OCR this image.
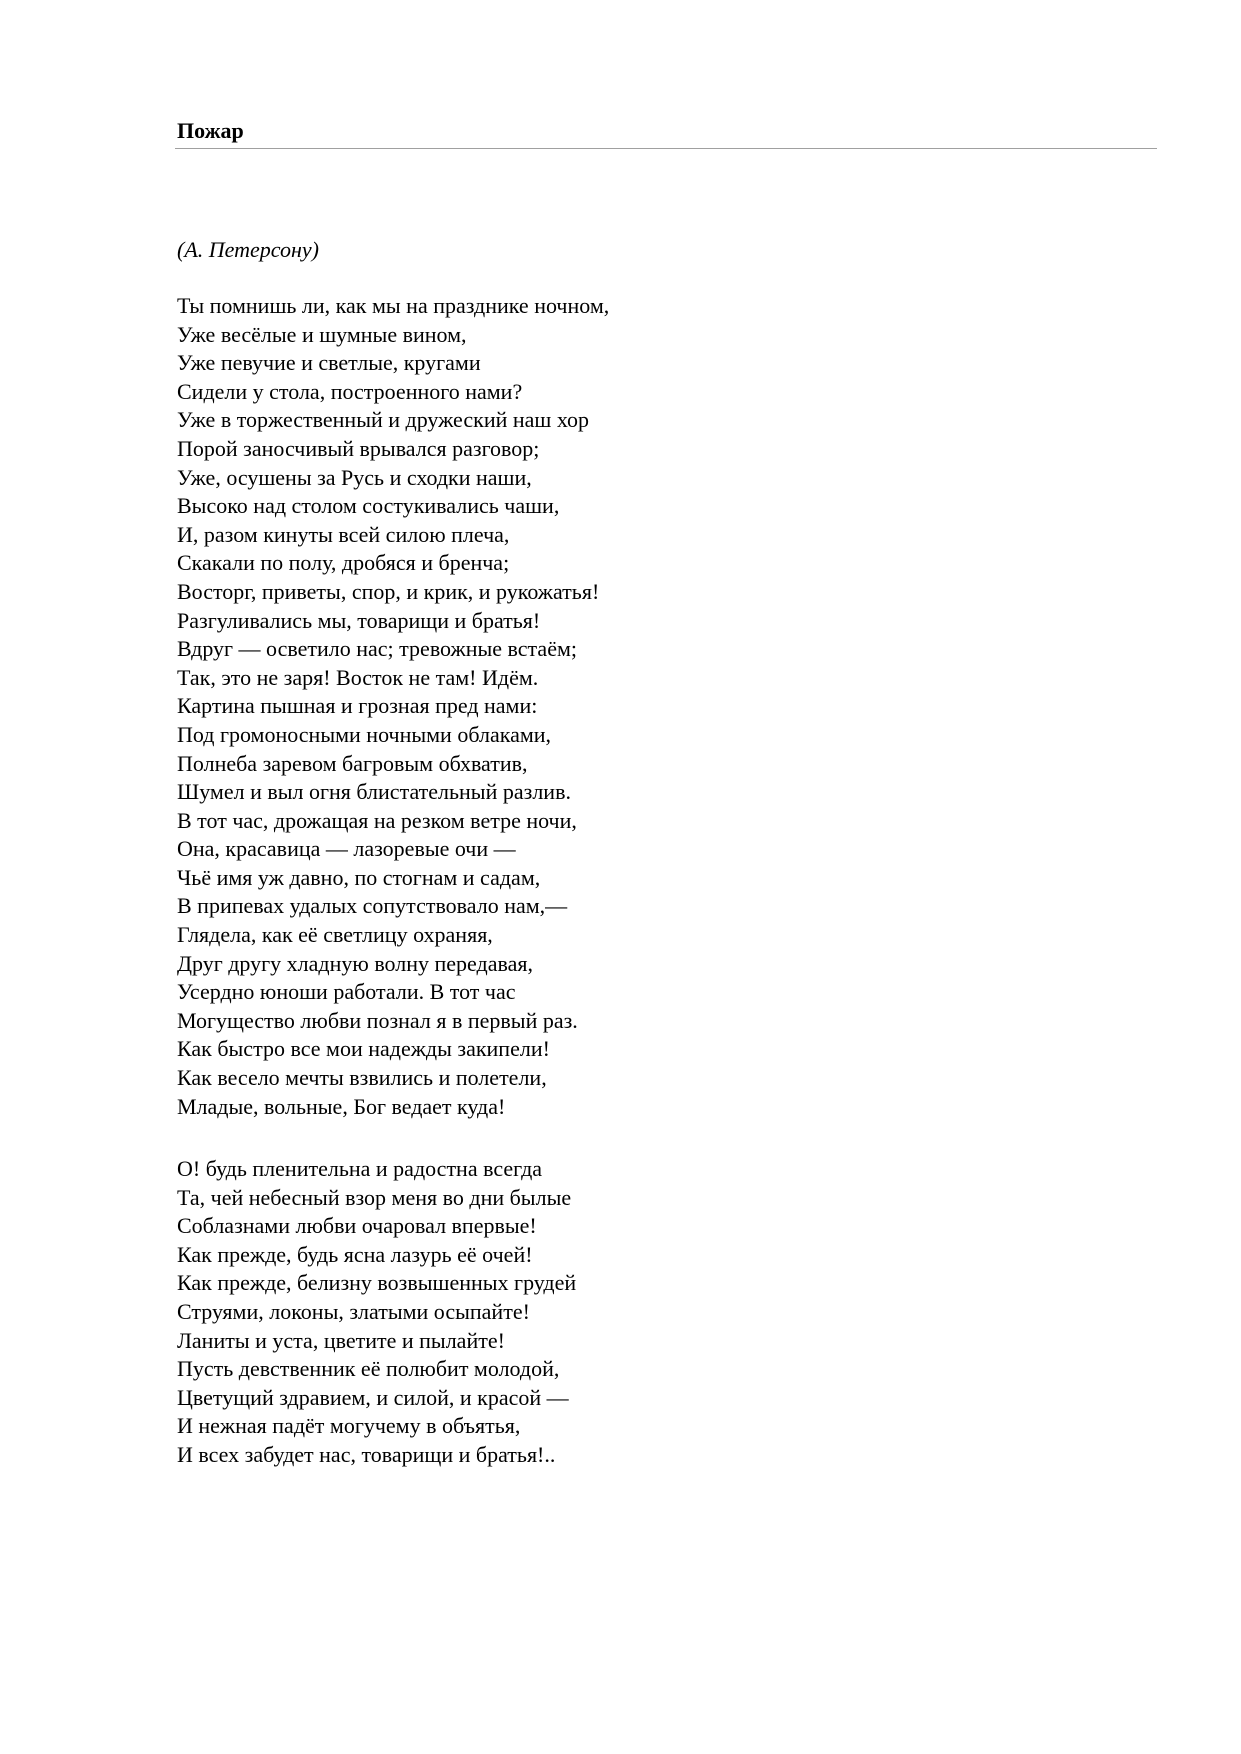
Пожар

(А. Петерсону)

Ты помнишь ли, как мы на празднике ночном,
Уже весёлые и шумные вином,
Уже певучие и светлые, кругами
Сидели у стола, построенного нами?
Уже в торжественный и дружеский наш хор
Порой заносчивый врывался разговор;
Уже, осушены за Русь и сходки наши,
Высоко над столом состукивались чаши,
И, разом кинуты всей силою плеча,
Скакали по полу, дробяся и бренча;
Восторг, приветы, спор, и крик, и рукожатья!
Разгуливались мы, товарищи и братья!
Вдруг — осветило нас; тревожные встаём;
Так, это не заря! Восток не там! Идём.
Картина пышная и грозная пред нами:
Под громоносными ночными облаками,
Полнеба заревом багровым обхватив,
Шумел и выл огня блистательный разлив.
В тот час, дрожащая на резком ветре ночи,
Она, красавица — лазоревые очи —
Чьё имя уж давно, по стогнам и садам,
В припевах удалых сопутствовало нам,—
Глядела, как её светлицу охраняя,
Друг другу хладную волну передавая,
Усердно юноши работали. В тот час
Могущество любви познал я в первый раз.
Как быстро все мои надежды закипели!
Как весело мечты взвились и полетели,
Младые, вольные, Бог ведает куда!
О! будь пленительна и радостна всегда
Та, чей небесный взор меня во дни былые
Соблазнами любви очаровал впервые!
Как прежде, будь ясна лазурь её очей!
Как прежде, белизну возвышенных грудей
Струями, локоны, златыми осыпайте!
Ланиты и уста, цветите и пылайте!
Пусть девственник её полюбит молодой,
Цветущий здравием, и силой, и красой —
И нежная падёт могучему в объятья,
И всех забудет нас, товарищи и братья!..
